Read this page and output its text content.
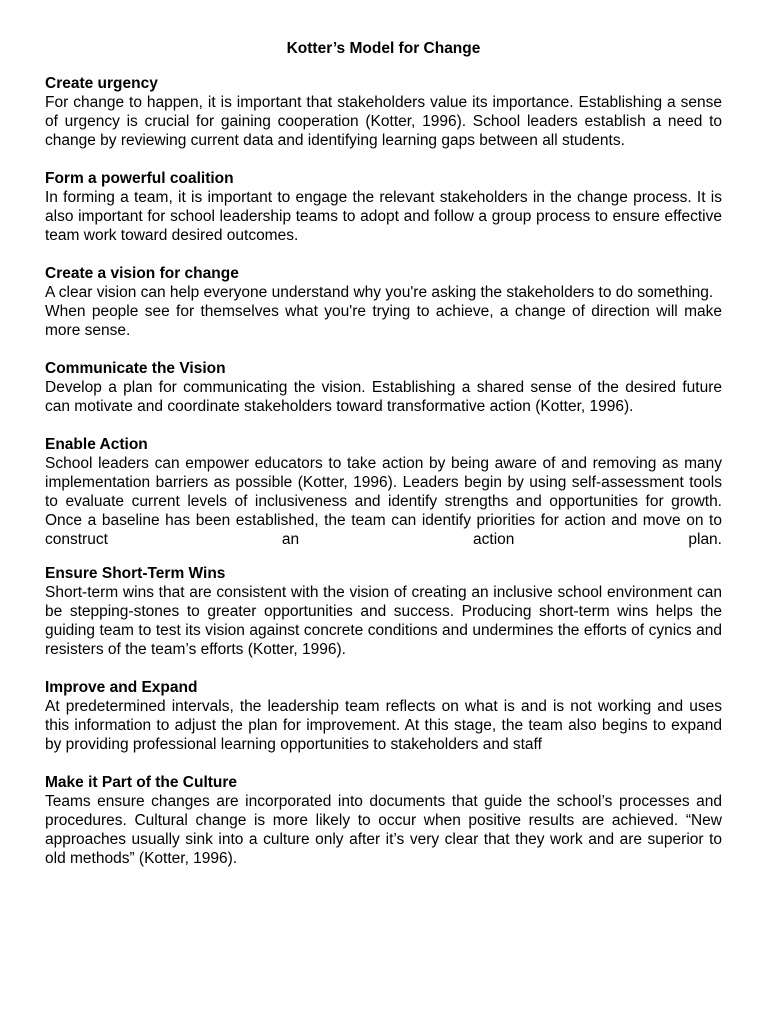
Kotter’s Model for Change
Create urgency

For change to happen, it is important that stakeholders value its importance. Establishing a sense of urgency is crucial for gaining cooperation (Kotter, 1996). School leaders establish a need to change by reviewing current data and identifying learning gaps between all students.

Form a powerful coalition

In forming a team, it is important to engage the relevant stakeholders in the change process. It is also important for school leadership teams to adopt and follow a group process to ensure effective team work toward desired outcomes.

Create a vision for change

A clear vision can help everyone understand why you're asking the stakeholders to do something.

When people see for themselves what you're trying to achieve, a change of direction will make more sense.

Communicate the Vision

Develop a plan for communicating the vision. Establishing a shared sense of the desired future can motivate and coordinate stakeholders toward transformative action (Kotter, 1996).

Enable Action

School leaders can empower educators to take action by being aware of and removing as many implementation barriers as possible (Kotter, 1996). Leaders begin by using self-assessment tools to evaluate current levels of inclusiveness and identify strengths and opportunities for growth. Once a baseline has been established, the team can identify priorities for action and move on to construct an action plan.

Ensure Short-Term Wins

Short-term wins that are consistent with the vision of creating an inclusive school environment can be stepping-stones to greater opportunities and success. Producing short-term wins helps the guiding team to test its vision against concrete conditions and undermines the efforts of cynics and resisters of the team’s efforts (Kotter, 1996).

Improve and Expand

At predetermined intervals, the leadership team reflects on what is and is not working and uses this information to adjust the plan for improvement. At this stage, the team also begins to expand by providing professional learning opportunities to stakeholders and staff

Make it Part of the Culture

Teams ensure changes are incorporated into documents that guide the school’s processes and procedures. Cultural change is more likely to occur when positive results are achieved. “New approaches usually sink into a culture only after it’s very clear that they work and are superior to old methods” (Kotter, 1996).
